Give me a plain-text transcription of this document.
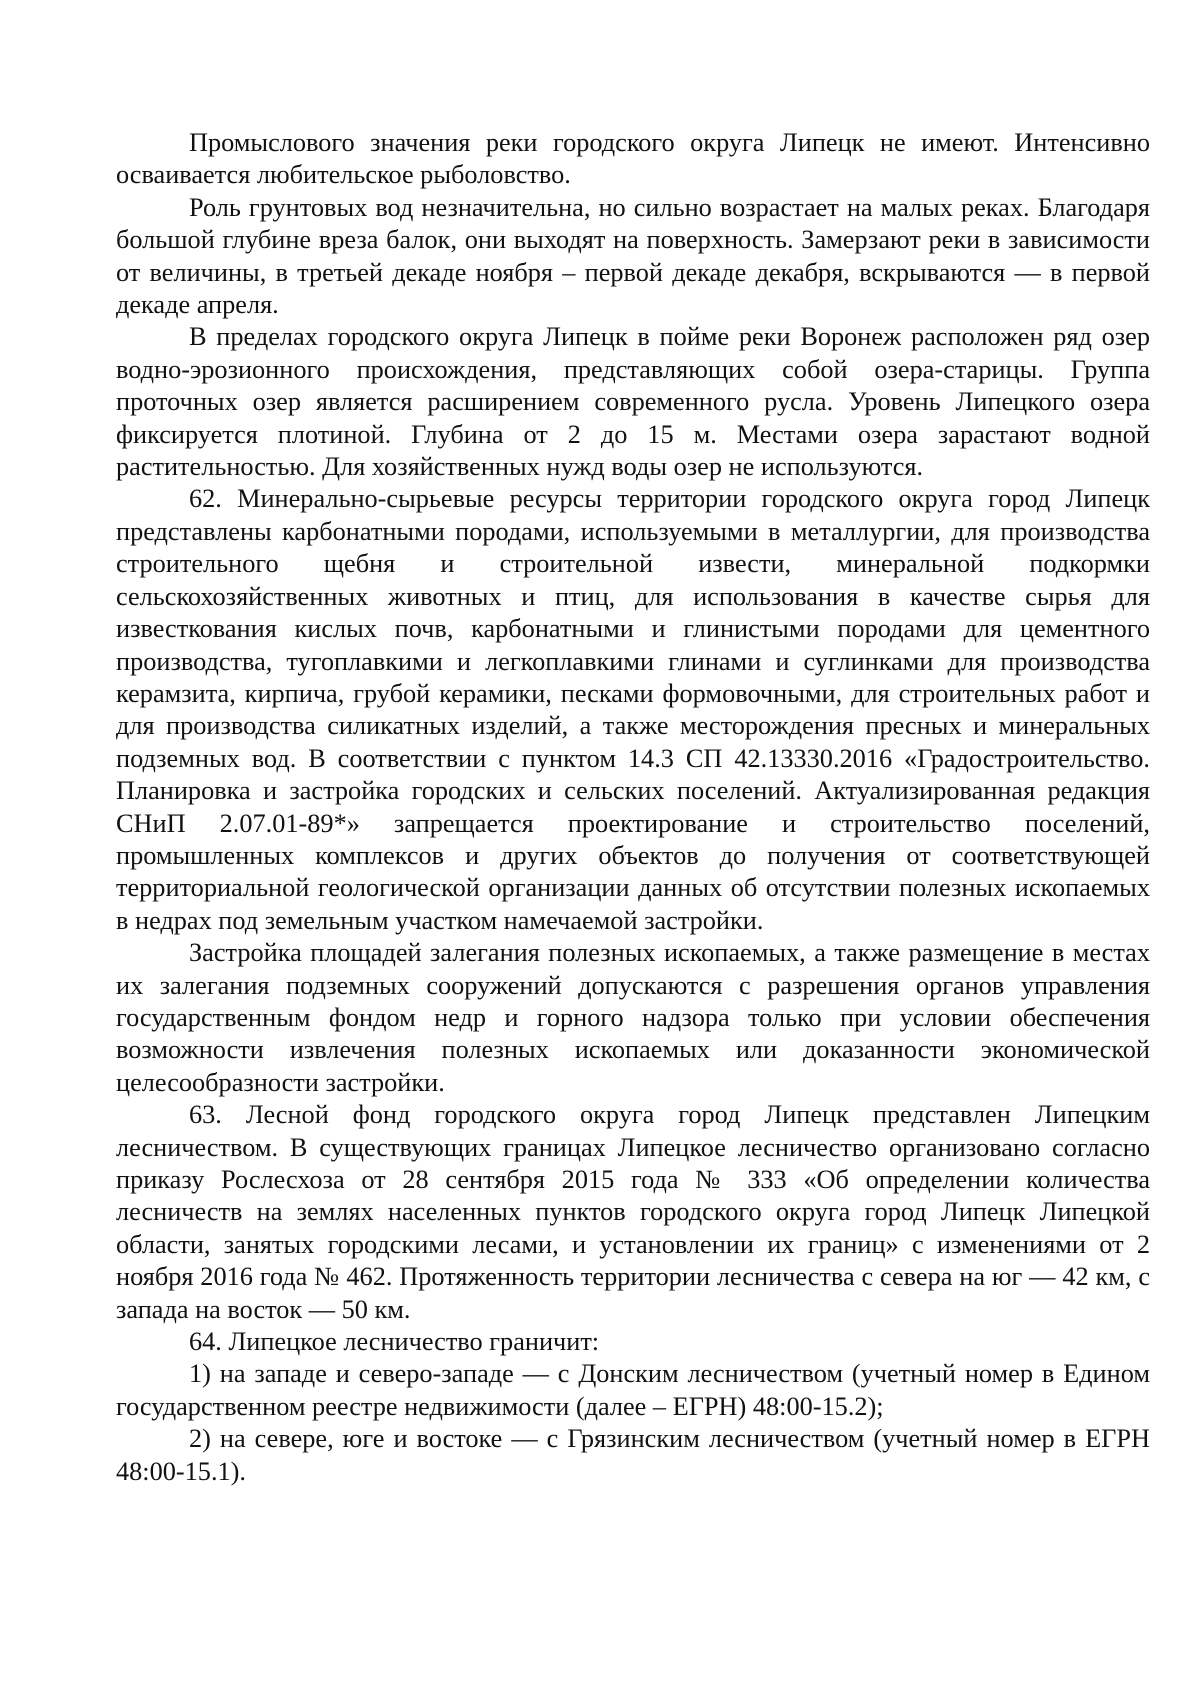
Промыслового значения реки городского округа Липецк не имеют. Интенсивно осваивается любительское рыболовство.

Роль грунтовых вод незначительна, но сильно возрастает на малых реках. Благодаря большой глубине вреза балок, они выходят на поверхность. Замерзают реки в зависимости от величины, в третьей декаде ноября – первой декаде декабря, вскрываются — в первой декаде апреля.

В пределах городского округа Липецк в пойме реки Воронеж расположен ряд озер водно-эрозионного происхождения, представляющих собой озера-старицы. Группа проточных озер является расширением современного русла. Уровень Липецкого озера фиксируется плотиной. Глубина от 2 до 15 м. Местами озера зарастают водной растительностью. Для хозяйственных нужд воды озер не используются.

62. Минерально-сырьевые ресурсы территории городского округа город Липецк представлены карбонатными породами, используемыми в металлургии, для производства строительного щебня и строительной извести, минеральной подкормки сельскохозяйственных животных и птиц, для использования в качестве сырья для известкования кислых почв, карбонатными и глинистыми породами для цементного производства, тугоплавкими и легкоплавкими глинами и суглинками для производства керамзита, кирпича, грубой керамики, песками формовочными, для строительных работ и для производства силикатных изделий, а также месторождения пресных и минеральных подземных вод. В соответствии с пунктом 14.3 СП 42.13330.2016 «Градостроительство. Планировка и застройка городских и сельских поселений. Актуализированная редакция СНиП 2.07.01-89*» запрещается проектирование и строительство поселений, промышленных комплексов и других объектов до получения от соответствующей территориальной геологической организации данных об отсутствии полезных ископаемых в недрах под земельным участком намечаемой застройки.

Застройка площадей залегания полезных ископаемых, а также размещение в местах их залегания подземных сооружений допускаются с разрешения органов управления государственным фондом недр и горного надзора только при условии обеспечения возможности извлечения полезных ископаемых или доказанности экономической целесообразности застройки.

63. Лесной фонд городского округа город Липецк представлен Липецким лесничеством. В существующих границах Липецкое лесничество организовано согласно приказу Рослесхоза от 28 сентября 2015 года № 333 «Об определении количества лесничеств на землях населенных пунктов городского округа город Липецк Липецкой области, занятых городскими лесами, и установлении их границ» с изменениями от 2 ноября 2016 года № 462. Протяженность территории лесничества с севера на юг — 42 км, с запада на восток — 50 км.

64. Липецкое лесничество граничит:

1) на западе и северо-западе — с Донским лесничеством (учетный номер в Едином государственном реестре недвижимости (далее – ЕГРН) 48:00-15.2);

2) на севере, юге и востоке — с Грязинским лесничеством (учетный номер в ЕГРН 48:00-15.1).
